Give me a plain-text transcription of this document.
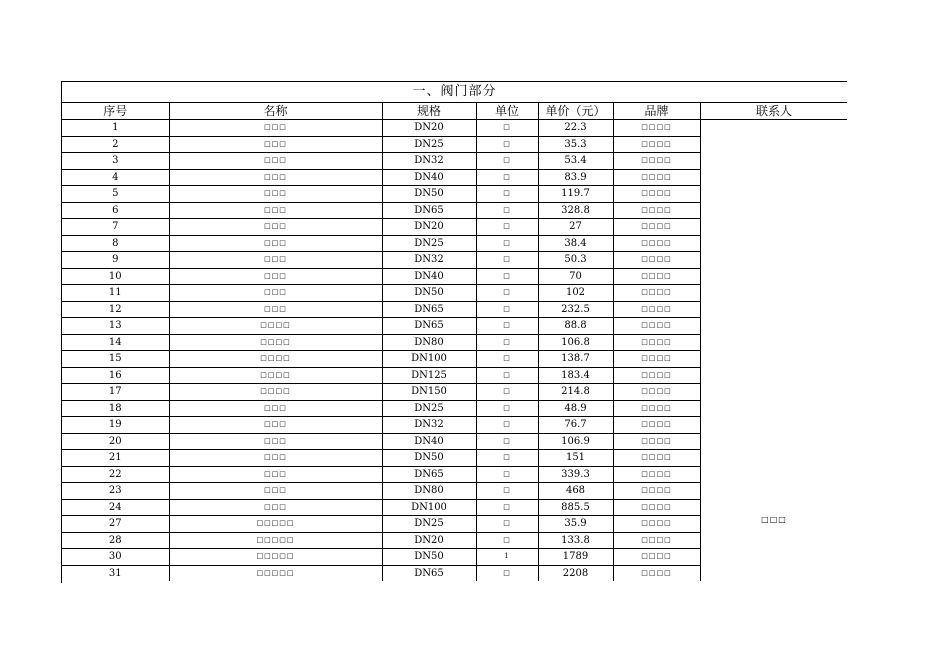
一、阀门部分
序号	名称	规格	单位	单价（元）	品牌	联系人
1	□□□	DN20	□	22.3	□□□□	□□□
2	□□□	DN25	□	35.3	□□□□	
3	□□□	DN32	□	53.4	□□□□	
4	□□□	DN40	□	83.9	□□□□	
5	□□□	DN50	□	119.7	□□□□	
6	□□□	DN65	□	328.8	□□□□	
7	□□□	DN20	□	27	□□□□	
8	□□□	DN25	□	38.4	□□□□	
9	□□□	DN32	□	50.3	□□□□	
10	□□□	DN40	□	70	□□□□	
11	□□□	DN50	□	102	□□□□	
12	□□□	DN65	□	232.5	□□□□	
13	□□□□	DN65	□	88.8	□□□□	
14	□□□□	DN80	□	106.8	□□□□	
15	□□□□	DN100	□	138.7	□□□□	
16	□□□□	DN125	□	183.4	□□□□	
17	□□□□	DN150	□	214.8	□□□□	
18	□□□	DN25	□	48.9	□□□□	
19	□□□	DN32	□	76.7	□□□□	
20	□□□	DN40	□	106.9	□□□□	
21	□□□	DN50	□	151	□□□□	
22	□□□	DN65	□	339.3	□□□□	
23	□□□	DN80	□	468	□□□□	
24	□□□	DN100	□	885.5	□□□□	
27	□□□□□	DN25	□	35.9	□□□□	
28	□□□□□	DN20	□	133.8	□□□□	
30	□□□□□	DN50	1	1789	□□□□	
31	□□□□□	DN65	□	2208	□□□□	
